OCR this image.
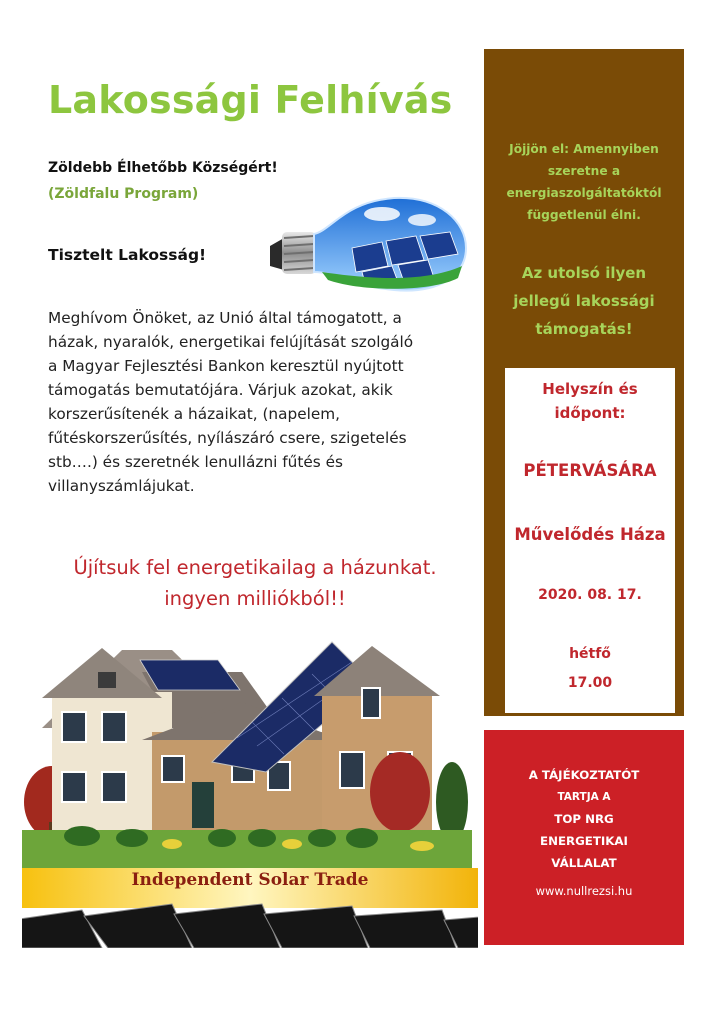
Lakossági Felhívás
Zöldebb Élhetőbb Községért!
(Zöldfalu Program)
Tisztelt Lakosság!
Meghívom Önöket, az Unió által támogatott, a
házak, nyaralók, energetikai felújítását szolgáló
a Magyar Fejlesztési Bankon keresztül nyújtott
támogatás bemutatójára. Várjuk azokat, akik
korszerűsítenék a házaikat, (napelem,
fűtéskorszerűsítés, nyílászáró csere, szigetelés
stb….) és szeretnék lenullázni fűtés és
villanyszámlájukat.
Újítsuk fel energetikailag a házunkat.
ingyen milliókból!!
Independent Solar Trade
Jöjjön el: Amennyiben
szeretne a
energiaszolgáltatóktól
függetlenül élni.
Az utolsó ilyen
jellegű lakossági
támogatás!
Helyszín és
időpont:
PÉTERVÁSÁRA
Művelődés Háza
2020. 08. 17.
hétfő
17.00
A TÁJÉKOZTATÓT
TARTJA A
TOP NRG
ENERGETIKAI
VÁLLALAT
www.nullrezsi.hu
